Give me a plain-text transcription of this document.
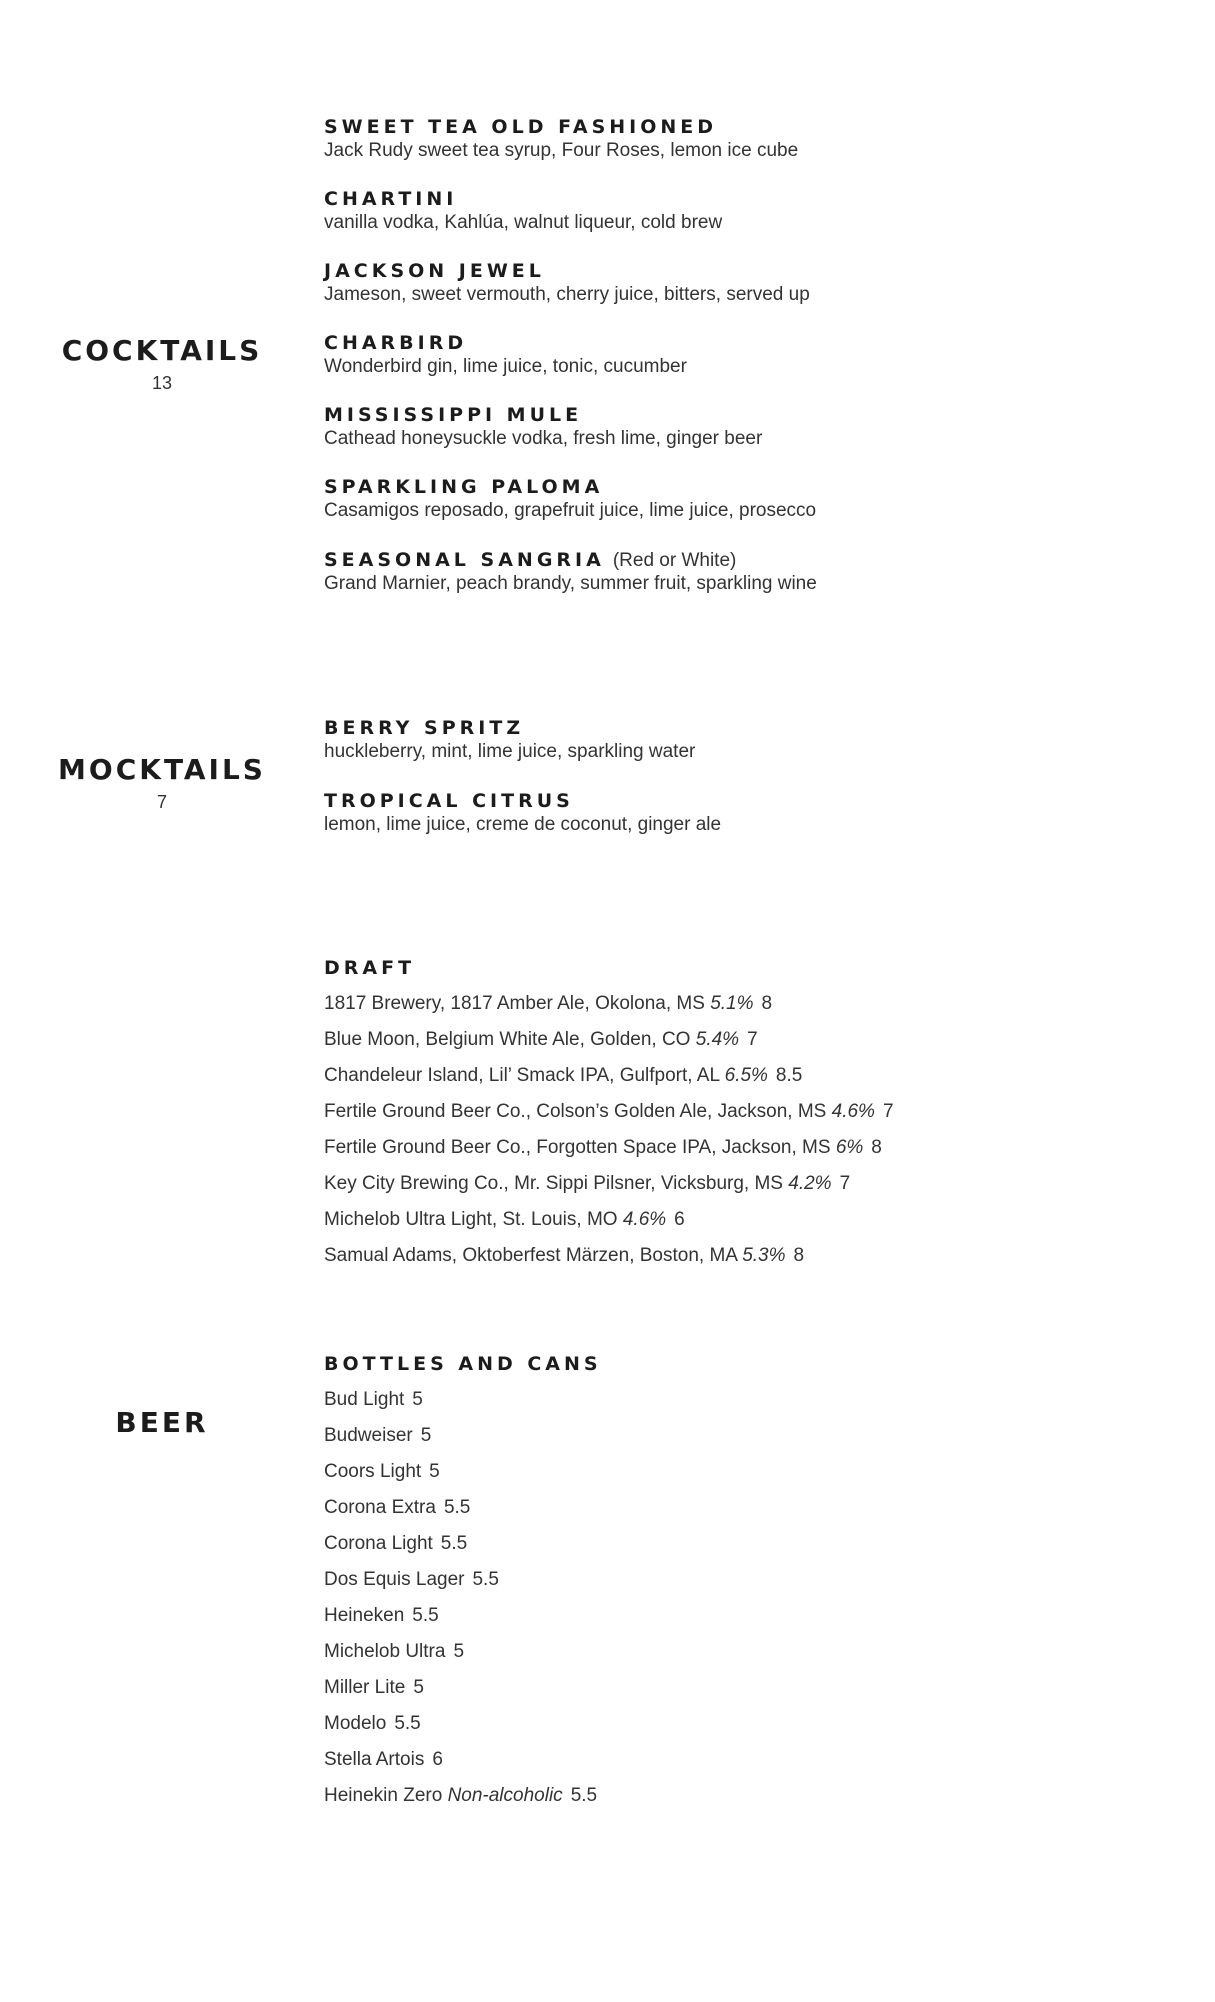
COCKTAILS
13
SWEET TEA OLD FASHIONED
Jack Rudy sweet tea syrup, Four Roses, lemon ice cube
CHARTINI
vanilla vodka, Kahlúa, walnut liqueur, cold brew
JACKSON JEWEL
Jameson, sweet vermouth, cherry juice, bitters, served up
CHARBIRD
Wonderbird gin, lime juice, tonic, cucumber
MISSISSIPPI MULE
Cathead honeysuckle vodka, fresh lime, ginger beer
SPARKLING PALOMA
Casamigos reposado, grapefruit juice, lime juice, prosecco
SEASONAL SANGRIA (Red or White)
Grand Marnier, peach brandy, summer fruit, sparkling wine
MOCKTAILS
7
BERRY SPRITZ
huckleberry, mint, lime juice, sparkling water
TROPICAL CITRUS
lemon, lime juice, creme de coconut, ginger ale
BEER
DRAFT
1817 Brewery, 1817 Amber Ale, Okolona, MS 5.1% 8
Blue Moon, Belgium White Ale, Golden, CO 5.4% 7
Chandeleur Island, Lil’ Smack IPA, Gulfport, AL 6.5% 8.5
Fertile Ground Beer Co., Colson’s Golden Ale, Jackson, MS 4.6% 7
Fertile Ground Beer Co., Forgotten Space IPA, Jackson, MS 6% 8
Key City Brewing Co., Mr. Sippi Pilsner, Vicksburg, MS 4.2% 7
Michelob Ultra Light, St. Louis, MO 4.6% 6
Samual Adams, Oktoberfest Märzen, Boston, MA 5.3% 8
BOTTLES AND CANS
Bud Light 5
Budweiser 5
Coors Light 5
Corona Extra 5.5
Corona Light 5.5
Dos Equis Lager 5.5
Heineken 5.5
Michelob Ultra 5
Miller Lite 5
Modelo 5.5
Stella Artois 6
Heinekin Zero Non-alcoholic 5.5
